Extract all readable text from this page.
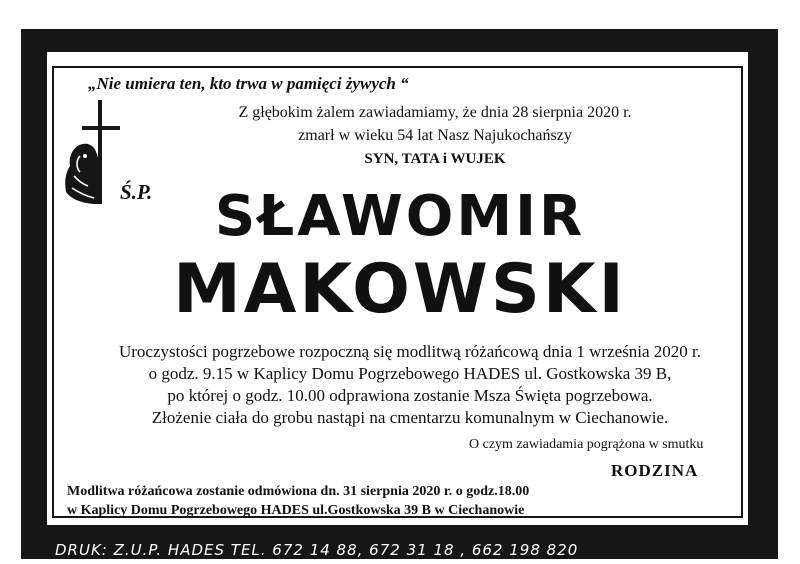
„Nie umiera ten, kto trwa w pamięci żywych “
Z głębokim żalem zawiadamiamy, że dnia 28 sierpnia 2020 r.
zmarł w wieku 54 lat Nasz Najukochańszy
SYN, TATA i WUJEK
Ś.P.	SŁAWOMIR
MAKOWSKI
Uroczystości pogrzebowe rozpoczną się modlitwą różańcową dnia 1 września 2020 r.
o godz. 9.15 w Kaplicy Domu Pogrzebowego HADES ul. Gostkowska 39 B,
po której o godz. 10.00 odprawiona zostanie Msza Święta pogrzebowa.
Złożenie ciała do grobu nastąpi na cmentarzu komunalnym w Ciechanowie.
O czym zawiadamia pogrążona w smutku
RODZINA
Modlitwa różańcowa zostanie odmówiona dn. 31 sierpnia 2020 r. o godz.18.00
w Kaplicy Domu Pogrzebowego HADES ul.Gostkowska 39 B w Ciechanowie
DRUK: Z.U.P. HADES TEL. 672 14 88, 672 31 18 , 662 198 820
